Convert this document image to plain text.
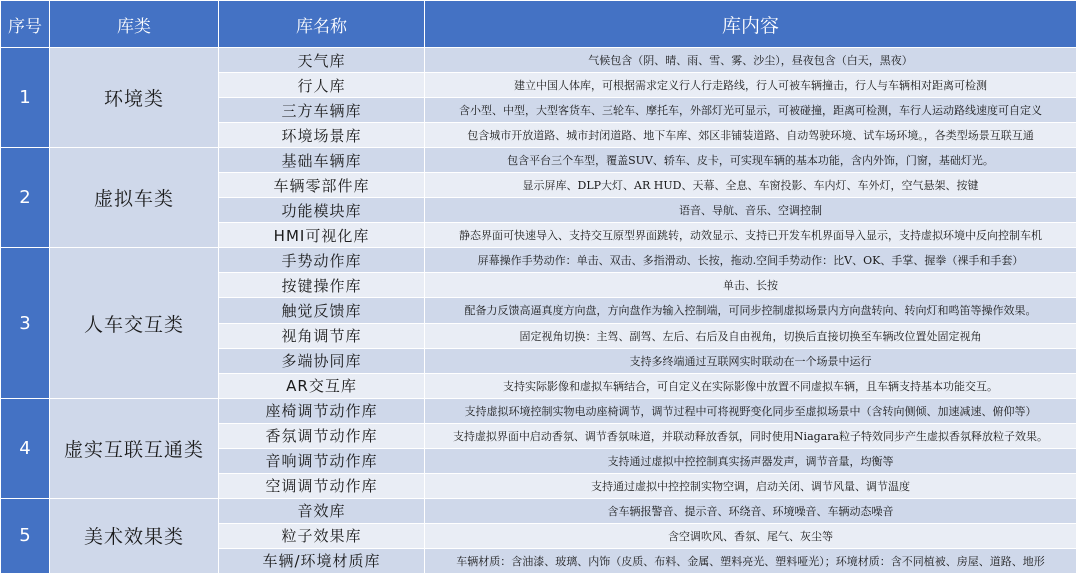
序号	库类	库名称	库内容
1	环境类	天气库	气候包含（阴、晴、雨、雪、雾、沙尘），昼夜包含（白天，黑夜）
		行人库	建立中国人体库，可根据需求定义行人行走路线，行人可被车辆撞击，行人与车辆相对距离可检测
		三方车辆库	含小型、中型，大型客货车、三轮车、摩托车，外部灯光可显示，可被碰撞，距离可检测，车行人运动路线速度可自定义
		环境场景库	包含城市开放道路、城市封闭道路、地下车库、郊区非铺装道路、自动驾驶环境、试车场环境。，各类型场景互联互通
2	虚拟车类	基础车辆库	包含平台三个车型，覆盖SUV、轿车、皮卡，可实现车辆的基本功能，含内外饰，门窗，基础灯光。
		车辆零部件库	显示屏库、DLP大灯、AR HUD、天幕、全息、车窗投影、车内灯、车外灯，空气悬架、按键
		功能模块库	语音、导航、音乐、空调控制
		HMI可视化库	静态界面可快速导入、支持交互原型界面跳转，动效显示、支持已开发车机界面导入显示，支持虚拟环境中反向控制车机
3	人车交互类	手势动作库	屏幕操作手势动作：单击、双击、多指滑动、长按，拖动.空间手势动作：比V、OK、手掌、握拳（裸手和手套）
		按键操作库	单击、长按
		触觉反馈库	配备力反馈高逼真度方向盘，方向盘作为输入控制端，可同步控制虚拟场景内方向盘转向、转向灯和鸣笛等操作效果。
		视角调节库	固定视角切换：主驾、副驾、左后、右后及自由视角，切换后直接切换至车辆改位置处固定视角
		多端协同库	支持多终端通过互联网实时联动在一个场景中运行
		AR交互库	支持实际影像和虚拟车辆结合，可自定义在实际影像中放置不同虚拟车辆，且车辆支持基本功能交互。
4	虚实互联互通类	座椅调节动作库	支持虚拟环境控制实物电动座椅调节，调节过程中可将视野变化同步至虚拟场景中（含转向侧倾、加速减速、俯仰等）
		香氛调节动作库	支持虚拟界面中启动香氛、调节香氛味道，并联动释放香氛，同时使用Niagara粒子特效同步产生虚拟香氛释放粒子效果。
		音响调节动作库	支持通过虚拟中控控制真实扬声器发声，调节音量，均衡等
		空调调节动作库	支持通过虚拟中控控制实物空调，启动关闭、调节风量、调节温度
5	美术效果类	音效库	含车辆报警音、提示音、环绕音、环境噪音、车辆动态噪音
		粒子效果库	含空调吹风、香氛、尾气、灰尘等
		车辆/环境材质库	车辆材质：含油漆、玻璃、内饰（皮质、布料、金属、塑料亮光、塑料哑光）；环境材质：含不同植被、房屋、道路、地形
